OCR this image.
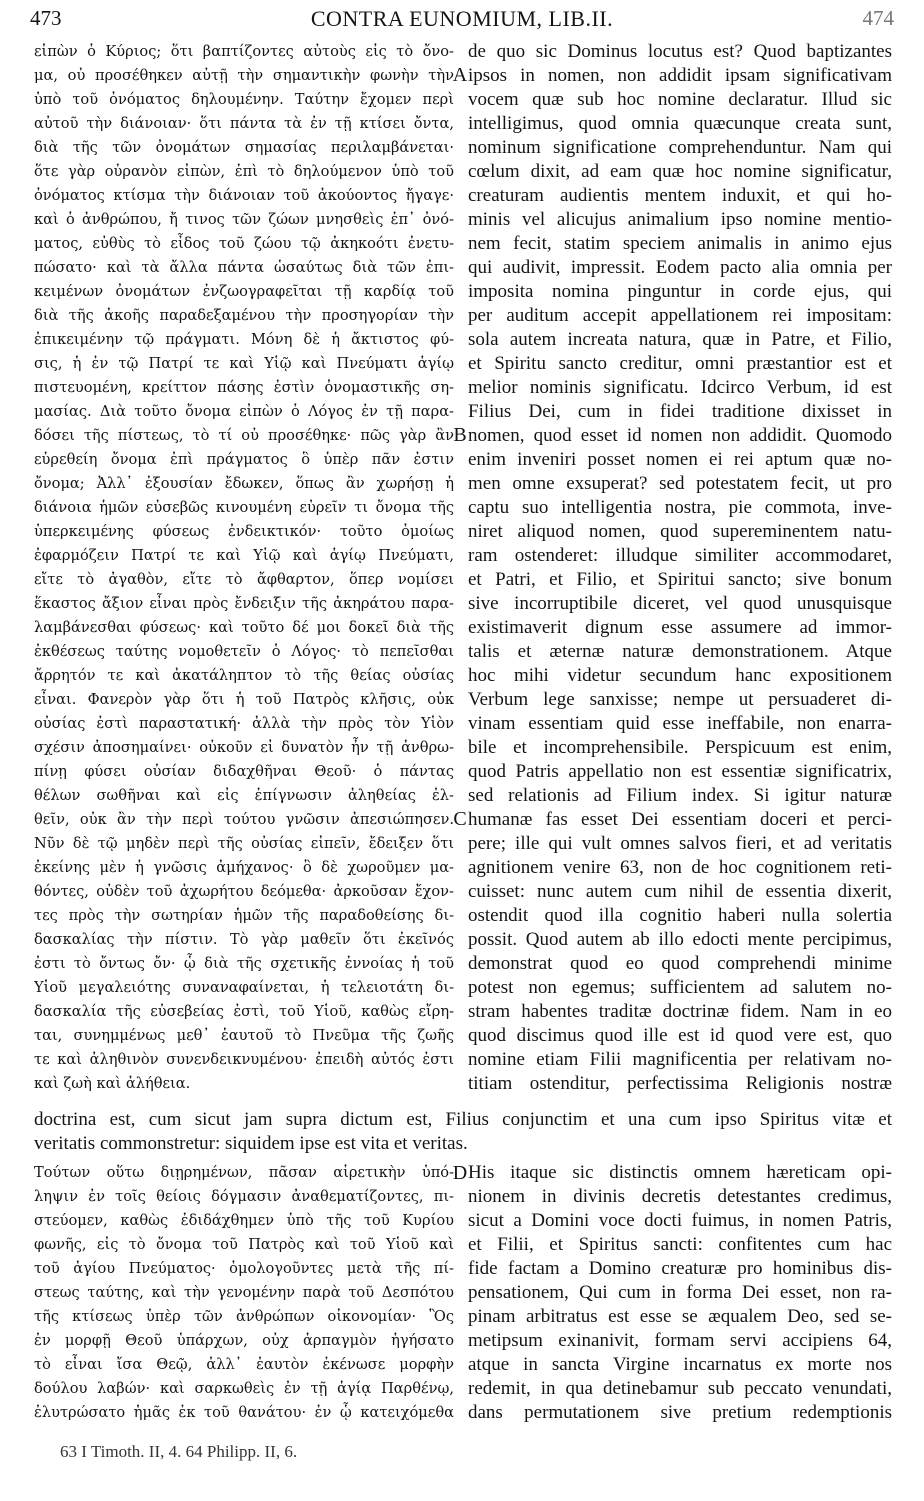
473	CONTRA EUNOMIUM, LIB.II.	474
εἰπὼν ὁ Κύριος; ὅτι βαπτίζοντες αὐτοὺς εἰς τὸ ὄνο-
μα, οὐ προσέθηκεν αὐτῇ τὴν σημαντικὴν φωνὴν τὴν
ὑπὸ τοῦ ὀνόματος δηλουμένην. Ταύτην ἔχομεν περὶ
αὐτοῦ τὴν διάνοιαν· ὅτι πάντα τὰ ἐν τῇ κτίσει ὄντα,
διὰ τῆς τῶν ὀνομάτων σημασίας περιλαμβάνεται·
ὅτε γὰρ οὐρανὸν εἰπὼν, ἐπὶ τὸ δηλούμενον ὑπὸ τοῦ
ὀνόματος κτίσμα τὴν διάνοιαν τοῦ ἀκούοντος ἤγαγε·
καὶ ὁ ἀνθρώπου, ἤ τινος τῶν ζώων μνησθεὶς ἐπ᾽ ὀνό-
ματος, εὐθὺς τὸ εἶδος τοῦ ζώου τῷ ἀκηκοότι ἐνετυ-
πώσατο· καὶ τὰ ἄλλα πάντα ὡσαύτως διὰ τῶν ἐπι-
κειμένων ὀνομάτων ἐνζωογραφεῖται τῇ καρδίᾳ τοῦ
διὰ τῆς ἀκοῆς παραδεξαμένου τὴν προσηγορίαν τὴν
ἐπικειμένην τῷ πράγματι. Μόνη δὲ ἡ ἄκτιστος φύ-
σις, ἡ ἐν τῷ Πατρί τε καὶ Υἱῷ καὶ Πνεύματι ἁγίῳ
πιστευομένη, κρείττον πάσης ἐστὶν ὀνομαστικῆς ση-
μασίας. Διὰ τοῦτο ὄνομα εἰπὼν ὁ Λόγος ἐν τῇ παρα-
δόσει τῆς πίστεως, τὸ τί οὐ προσέθηκε· πῶς γὰρ ἂν
εὑρεθείη ὄνομα ἐπὶ πράγματος ὃ ὑπὲρ πᾶν ἐστιν
ὄνομα; Ἀλλ᾽ ἐξουσίαν ἔδωκεν, ὅπως ἂν χωρήσῃ ἡ
διάνοια ἡμῶν εὐσεβῶς κινουμένη εὑρεῖν τι ὄνομα τῆς
ὑπερκειμένης φύσεως ἐνδεικτικόν· τοῦτο ὁμοίως
ἐφαρμόζειν Πατρί τε καὶ Υἱῷ καὶ ἁγίῳ Πνεύματι,
εἴτε τὸ ἀγαθὸν, εἴτε τὸ ἄφθαρτον, ὅπερ νομίσει
ἕκαστος ἄξιον εἶναι πρὸς ἔνδειξιν τῆς ἀκηράτου παρα-
λαμβάνεσθαι φύσεως· καὶ τοῦτο δέ μοι δοκεῖ διὰ τῆς
ἐκθέσεως ταύτης νομοθετεῖν ὁ Λόγος· τὸ πεπεῖσθαι
ἄρρητόν τε καὶ ἀκατάληπτον τὸ τῆς θείας οὐσίας
εἶναι. Φανερὸν γὰρ ὅτι ἡ τοῦ Πατρὸς κλῆσις, οὐκ
οὐσίας ἐστὶ παραστατική· ἀλλὰ τὴν πρὸς τὸν Υἱὸν
σχέσιν ἀποσημαίνει· οὐκοῦν εἰ δυνατὸν ἦν τῇ ἀνθρω-
πίνῃ φύσει οὐσίαν διδαχθῆναι Θεοῦ· ὁ πάντας
θέλων σωθῆναι καὶ εἰς ἐπίγνωσιν ἀληθείας ἐλ-
θεῖν, οὐκ ἂν τὴν περὶ τούτου γνῶσιν ἀπεσιώπησεν.
Νῦν δὲ τῷ μηδὲν περὶ τῆς οὐσίας εἰπεῖν, ἔδειξεν ὅτι
ἐκείνης μὲν ἡ γνῶσις ἀμήχανος· ὃ δὲ χωροῦμεν μα-
θόντες, οὐδὲν τοῦ ἀχωρήτου δεόμεθα· ἀρκοῦσαν ἔχον-
τες πρὸς τὴν σωτηρίαν ἡμῶν τῆς παραδοθείσης δι-
δασκαλίας τὴν πίστιν. Τὸ γὰρ μαθεῖν ὅτι ἐκεῖνός
ἐστι τὸ ὄντως ὄν· ᾧ διὰ τῆς σχετικῆς ἐννοίας ἡ τοῦ
Υἱοῦ μεγαλειότης συναναφαίνεται, ἡ τελειοτάτη δι-
δασκαλία τῆς εὐσεβείας ἐστὶ, τοῦ Υἱοῦ, καθὼς εἴρη-
ται, συνημμένως μεθ᾽ ἑαυτοῦ τὸ Πνεῦμα τῆς ζωῆς
τε καὶ ἀληθινὸν συνενδεικνυμένου· ἐπειδὴ αὐτός ἐστι
καὶ ζωὴ καὶ ἀλήθεια.
de quo sic Dominus locutus est? Quod baptizantes
ipsos in nomen, non addidit ipsam significativam
vocem quæ sub hoc nomine declaratur. Illud sic
intelligimus, quod omnia quæcunque creata sunt,
nominum significatione comprehenduntur. Nam qui
cœlum dixit, ad eam quæ hoc nomine significatur,
creaturam audientis mentem induxit, et qui ho-
minis vel alicujus animalium ipso nomine mentio-
nem fecit, statim speciem animalis in animo ejus
qui audivit, impressit. Eodem pacto alia omnia per
imposita nomina pinguntur in corde ejus, qui
per auditum accepit appellationem rei impositam:
sola autem increata natura, quæ in Patre, et Filio,
et Spiritu sancto creditur, omni præstantior est et
melior nominis significatu. Idcirco Verbum, id est
Filius Dei, cum in fidei traditione dixisset in
nomen, quod esset id nomen non addidit. Quomodo
enim inveniri posset nomen ei rei aptum quæ no-
men omne exsuperat? sed potestatem fecit, ut pro
captu suo intelligentia nostra, pie commota, inve-
niret aliquod nomen, quod supereminentem natu-
ram ostenderet: illudque similiter accommodaret,
et Patri, et Filio, et Spiritui sancto; sive bonum
sive incorruptibile diceret, vel quod unusquisque
existimaverit dignum esse assumere ad immor-
talis et æternæ naturæ demonstrationem. Atque
hoc mihi videtur secundum hanc expositionem
Verbum lege sanxisse; nempe ut persuaderet di-
vinam essentiam quid esse ineffabile, non enarra-
bile et incomprehensibile. Perspicuum est enim,
quod Patris appellatio non est essentiæ significatrix,
sed relationis ad Filium index. Si igitur naturæ
humanæ fas esset Dei essentiam doceri et perci-
pere; ille qui vult omnes salvos fieri, et ad veritatis
agnitionem venire 63, non de hoc cognitionem reti-
cuisset: nunc autem cum nihil de essentia dixerit,
ostendit quod illa cognitio haberi nulla solertia
possit. Quod autem ab illo edocti mente percipimus,
demonstrat quod eo quod comprehendi minime
potest non egemus; sufficientem ad salutem no-
stram habentes traditæ doctrinæ fidem. Nam in eo
quod discimus quod ille est id quod vere est, quo
nomine etiam Filii magnificentia per relativam no-
titiam ostenditur, perfectissima Religionis nostræ
A
B
C
D
doctrina est, cum sicut jam supra dictum est, Filius conjunctim et una cum ipso Spiritus vitæ et
veritatis commonstretur: siquidem ipse est vita et veritas.
Τούτων οὕτω διῃρημένων, πᾶσαν αἱρετικὴν ὑπό-
ληψιν ἐν τοῖς θείοις δόγμασιν ἀναθεματίζοντες, πι-
στεύομεν, καθὼς ἐδιδάχθημεν ὑπὸ τῆς τοῦ Κυρίου
φωνῆς, εἰς τὸ ὄνομα τοῦ Πατρὸς καὶ τοῦ Υἱοῦ καὶ
τοῦ ἁγίου Πνεύματος· ὁμολογοῦντες μετὰ τῆς πί-
στεως ταύτης, καὶ τὴν γενομένην παρὰ τοῦ Δεσπότου
τῆς κτίσεως ὑπὲρ τῶν ἀνθρώπων οἰκονομίαν· Ὃς
ἐν μορφῇ Θεοῦ ὑπάρχων, οὐχ ἁρπαγμὸν ἡγήσατο
τὸ εἶναι ἴσα Θεῷ, ἀλλ᾽ ἑαυτὸν ἐκένωσε μορφὴν
δούλου λαβών· καὶ σαρκωθεὶς ἐν τῇ ἁγίᾳ Παρθένῳ,
ἐλυτρώσατο ἡμᾶς ἐκ τοῦ θανάτου· ἐν ᾧ κατειχόμεθα
His itaque sic distinctis omnem hæreticam opi-
nionem in divinis decretis detestantes credimus,
sicut a Domini voce docti fuimus, in nomen Patris,
et Filii, et Spiritus sancti: confitentes cum hac
fide factam a Domino creaturæ pro hominibus dis-
pensationem, Qui cum in forma Dei esset, non ra-
pinam arbitratus est esse se æqualem Deo, sed se-
metipsum exinanivit, formam servi accipiens 64,
atque in sancta Virgine incarnatus ex morte nos
redemit, in qua detinebamur sub peccato venundati,
dans permutationem sive pretium redemptionis
63 I Timoth. II, 4. 64 Philipp. II, 6.
